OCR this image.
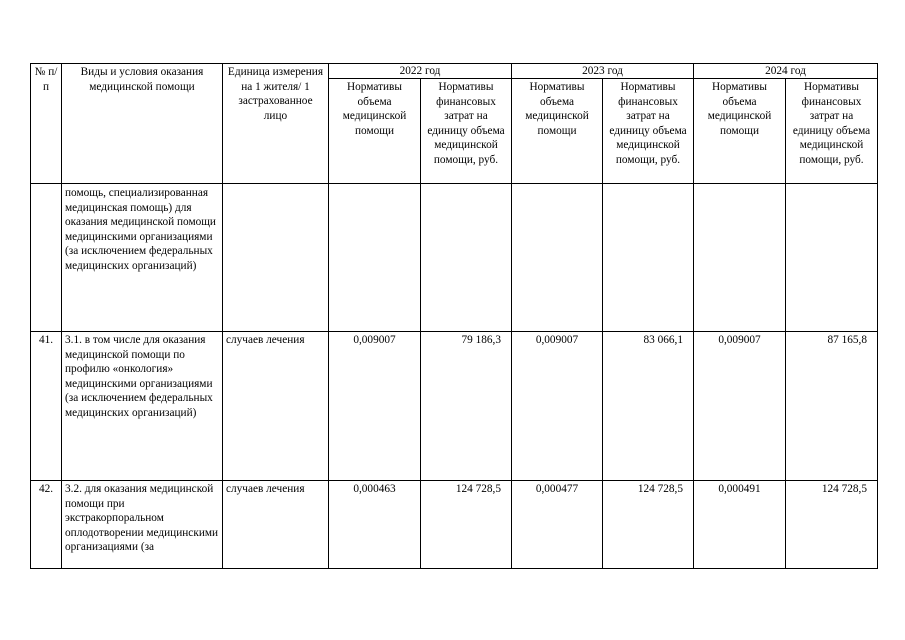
№ п/п	Виды и условия оказания медицинской помощи	Единица измерения на 1 жителя/ 1 застрахованное лицо	2022 год		2023 год		2024 год	
			Нормативы объема медицинской помощи	Нормативы финансовых затрат на единицу объема медицинской помощи, руб.	Нормативы объема медицинской помощи	Нормативы финансовых затрат на единицу объема медицинской помощи, руб.	Нормативы объема медицинской помощи	Нормативы финансовых затрат на единицу объема медицинской помощи, руб.
	помощь, специализированная медицинская помощь) для оказания медицинской помощи медицинскими организациями (за исключением федеральных медицинских организаций)							
41.	3.1. в том числе для оказания медицинской помощи по профилю «онкология» медицинскими организациями (за исключением федеральных медицинских организаций)	случаев лечения	0,009007	79 186,3	0,009007	83 066,1	0,009007	87 165,8
42.	3.2. для оказания медицинской помощи при экстракорпоральном оплодотворении медицинскими организациями (за	случаев лечения	0,000463	124 728,5	0,000477	124 728,5	0,000491	124 728,5
